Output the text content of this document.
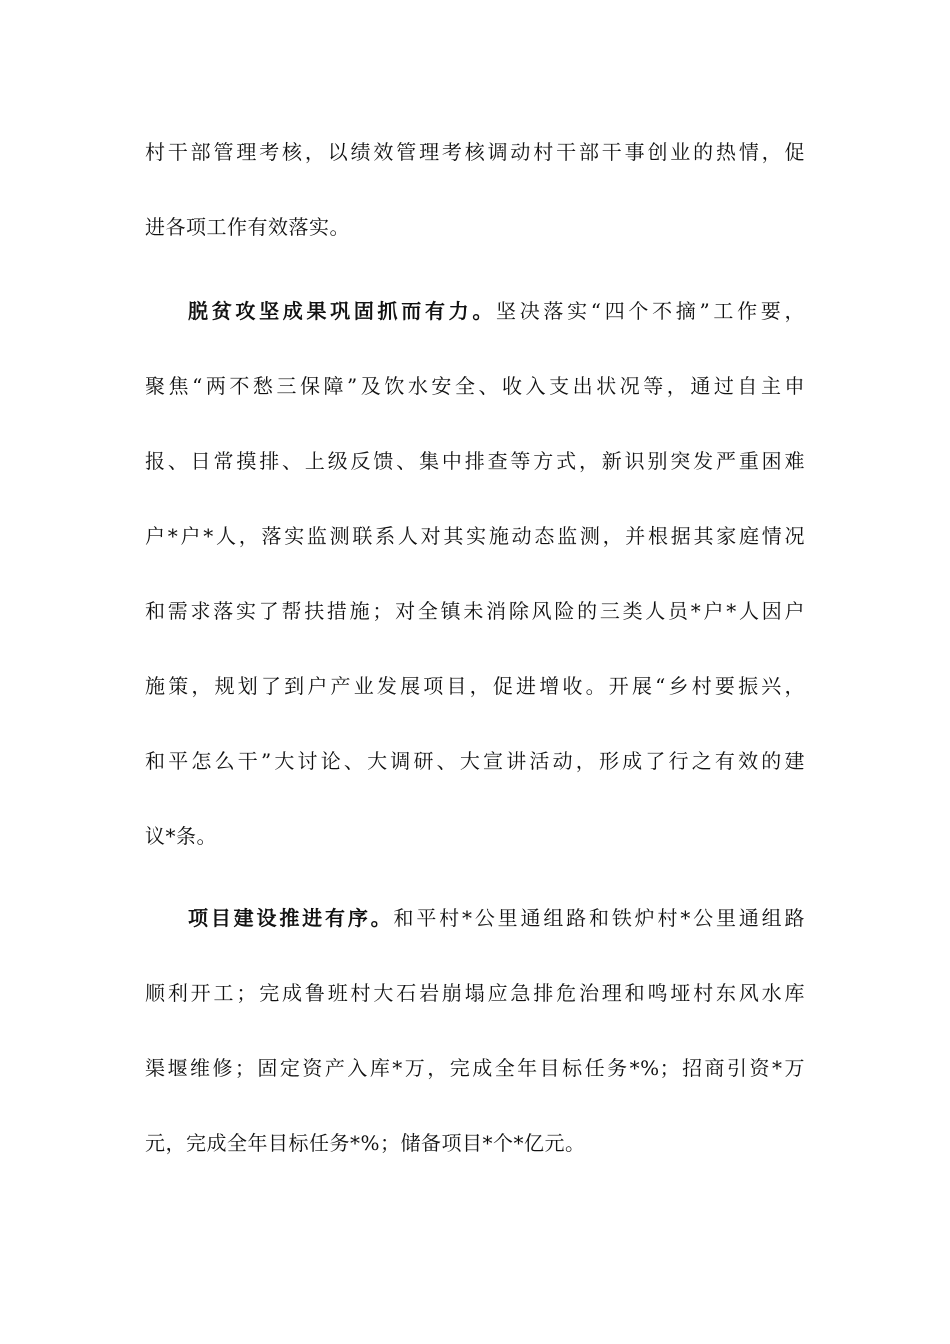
村干部管理考核，以绩效管理考核调动村干部干事创业的热情，促
进各项工作有效落实。
脱贫攻坚成果巩固抓而有力。坚决落实“四个不摘”工作要，
聚焦“两不愁三保障”及饮水安全、收入支出状况等，通过自主申
报、日常摸排、上级反馈、集中排查等方式，新识别突发严重困难
户*户*人，落实监测联系人对其实施动态监测，并根据其家庭情况
和需求落实了帮扶措施；对全镇未消除风险的三类人员*户*人因户
施策，规划了到户产业发展项目，促进增收。开展“乡村要振兴，
和平怎么干”大讨论、大调研、大宣讲活动，形成了行之有效的建
议*条。
项目建设推进有序。和平村*公里通组路和铁炉村*公里通组路
顺利开工；完成鲁班村大石岩崩塌应急排危治理和鸣垭村东风水库
渠堰维修；固定资产入库*万，完成全年目标任务*%；招商引资*万
元，完成全年目标任务*%；储备项目*个*亿元。
